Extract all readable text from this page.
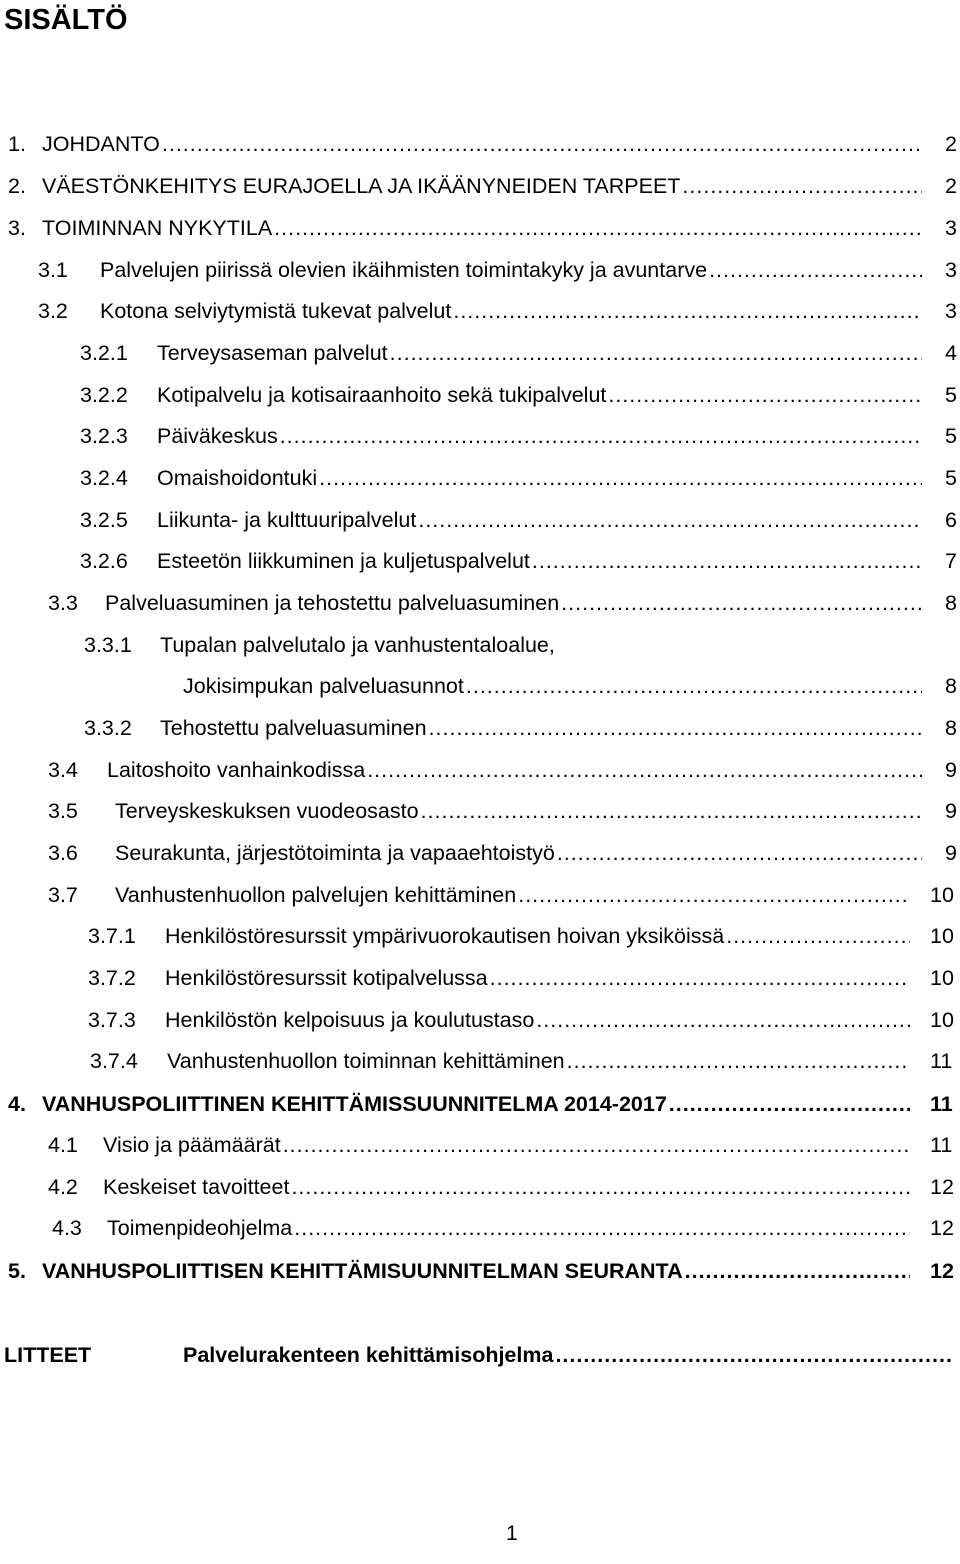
SISÄLTÖ
1. JOHDANTO .....	2
2. VÄESTÖNKEHITYS EURAJOELLA JA IKÄÄNYNEIDEN TARPEET .....	2
3. TOIMINNAN NYKYTILA .....	3
3.1 Palvelujen piirissä olevien ikäihmisten toimintakyky ja avuntarve .....	3
3.2 Kotona selviytymistä tukevat palvelut .....	3
3.2.1 Terveysaseman palvelut .....	4
3.2.2 Kotipalvelu ja kotisairaanhoito sekä tukipalvelut .....	5
3.2.3 Päiväkeskus .....	5
3.2.4 Omaishoidontuki .....	5
3.2.5 Liikunta- ja kulttuuripalvelut .....	6
3.2.6 Esteetön liikkuminen ja kuljetuspalvelut .....	7
3.3 Palveluasuminen ja tehostettu palveluasuminen .....	8
3.3.1 Tupalan palvelutalo ja vanhustentaloalue,
Jokisimpukan palveluasunnot .....	8
3.3.2 Tehostettu palveluasuminen .....	8
3.4 Laitoshoito vanhainkodissa .....	9
3.5 Terveyskeskuksen vuodeosasto .....	9
3.6 Seurakunta, järjestötoiminta ja vapaaehtoistyö .....	9
3.7 Vanhustenhuollon palvelujen kehittäminen .....	10
3.7.1 Henkilöstöresurssit ympärivuorokautisen hoivan yksiköissä .....	10
3.7.2 Henkilöstöresurssit kotipalvelussa .....	10
3.7.3 Henkilöstön kelpoisuus ja koulutustaso .....	10
3.7.4 Vanhustenhuollon toiminnan kehittäminen .....	11
4. VANHUSPOLIITTINEN KEHITTÄMISSUUNNITELMA 2014-2017 .....	11
4.1 Visio ja päämäärät .....	11
4.2 Keskeiset tavoitteet .....	12
4.3 Toimenpideohjelma .....	12
5. VANHUSPOLIITTISEN KEHITTÄMISUUNNITELMAN SEURANTA .....	12
LITTEET	Palvelurakenteen kehittämisohjelma
.....
1
